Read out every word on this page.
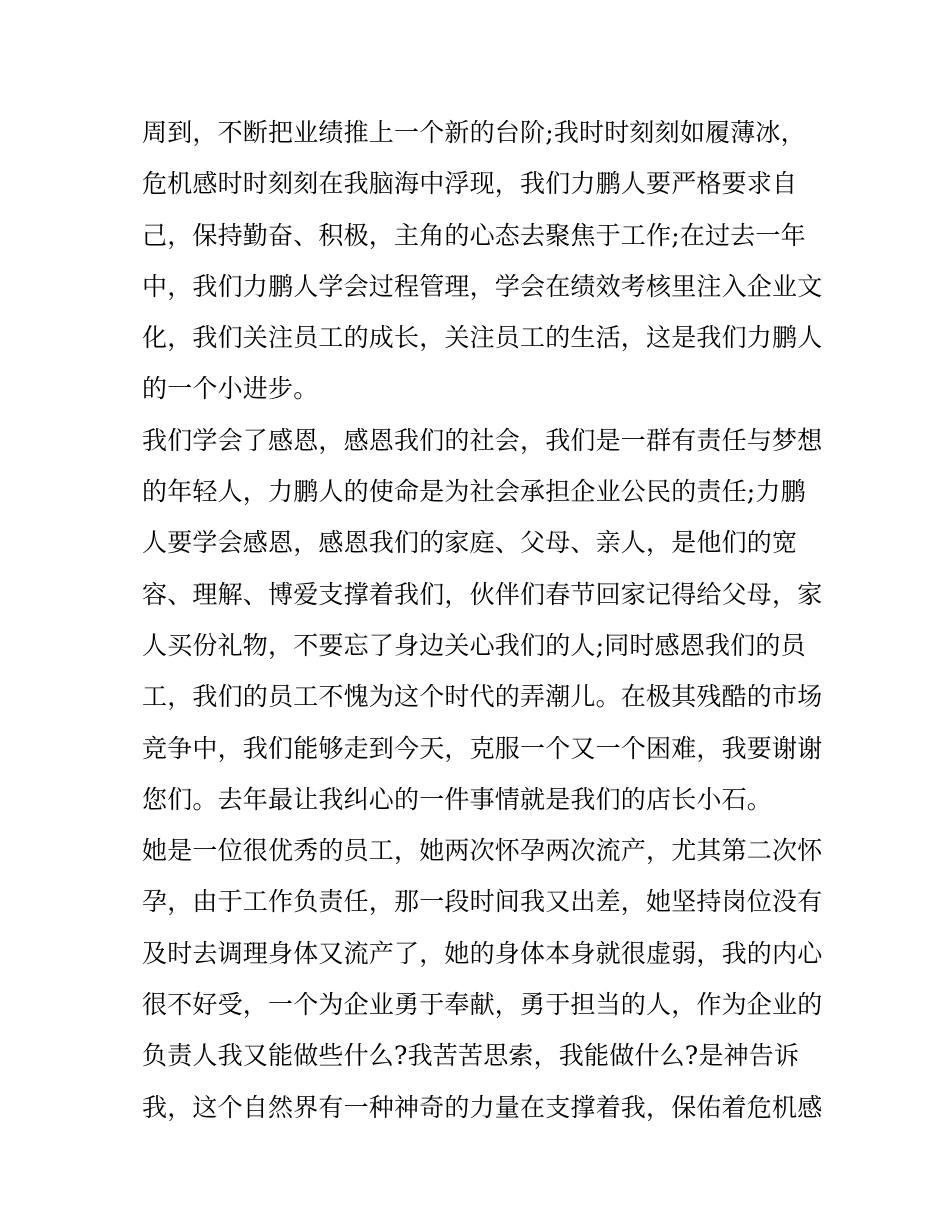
周到，不断把业绩推上一个新的台阶;我时时刻刻如履薄冰，
危机感时时刻刻在我脑海中浮现，我们力鹏人要严格要求自
己，保持勤奋、积极，主角的心态去聚焦于工作;在过去一年
中，我们力鹏人学会过程管理，学会在绩效考核里注入企业文
化，我们关注员工的成长，关注员工的生活，这是我们力鹏人
的一个小进步。
我们学会了感恩，感恩我们的社会，我们是一群有责任与梦想
的年轻人，力鹏人的使命是为社会承担企业公民的责任;力鹏
人要学会感恩，感恩我们的家庭、父母、亲人，是他们的宽
容、理解、博爱支撑着我们，伙伴们春节回家记得给父母，家
人买份礼物，不要忘了身边关心我们的人;同时感恩我们的员
工，我们的员工不愧为这个时代的弄潮儿。在极其残酷的市场
竞争中，我们能够走到今天，克服一个又一个困难，我要谢谢
您们。去年最让我纠心的一件事情就是我们的店长小石。
她是一位很优秀的员工，她两次怀孕两次流产，尤其第二次怀
孕，由于工作负责任，那一段时间我又出差，她坚持岗位没有
及时去调理身体又流产了，她的身体本身就很虚弱，我的内心
很不好受，一个为企业勇于奉献，勇于担当的人，作为企业的
负责人我又能做些什么?我苦苦思索，我能做什么?是神告诉
我，这个自然界有一种神奇的力量在支撑着我，保佑着危机感
